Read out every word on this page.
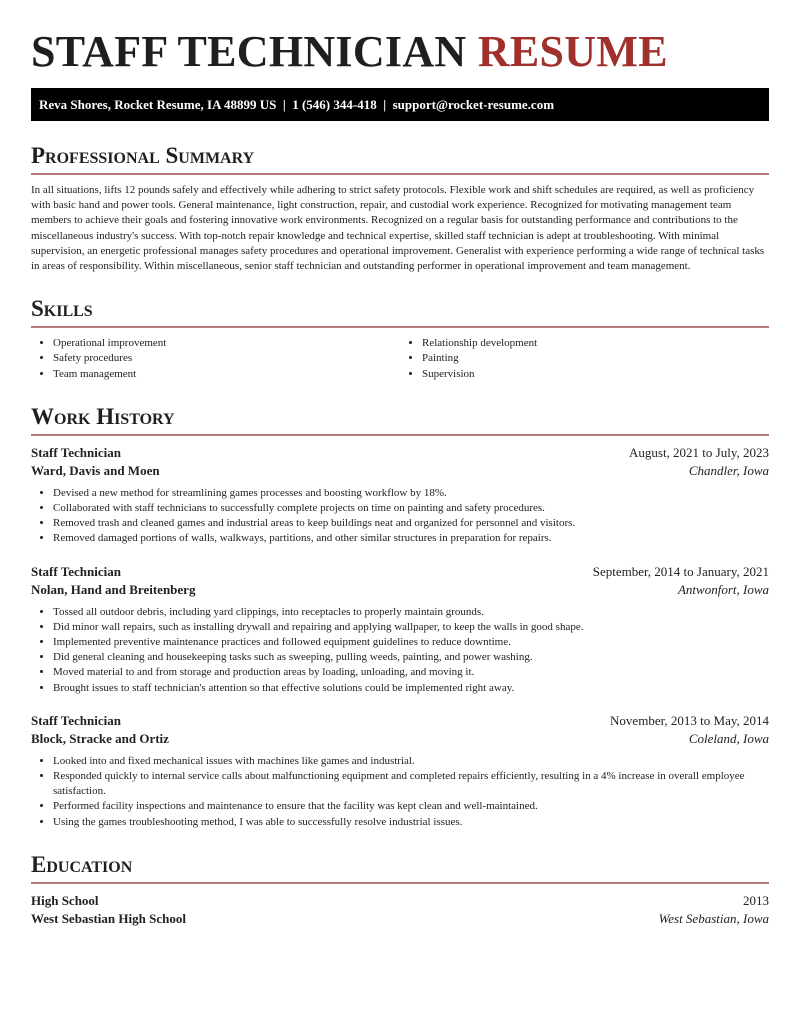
STAFF TECHNICIAN RESUME
Reva Shores, Rocket Resume, IA 48899 US  |  1 (546) 344-418  |  support@rocket-resume.com
Professional Summary
In all situations, lifts 12 pounds safely and effectively while adhering to strict safety protocols. Flexible work and shift schedules are required, as well as proficiency with basic hand and power tools. General maintenance, light construction, repair, and custodial work experience. Recognized for motivating management team members to achieve their goals and fostering innovative work environments. Recognized on a regular basis for outstanding performance and contributions to the miscellaneous industry's success. With top-notch repair knowledge and technical expertise, skilled staff technician is adept at troubleshooting. With minimal supervision, an energetic professional manages safety procedures and operational improvement. Generalist with experience performing a wide range of technical tasks in areas of responsibility. Within miscellaneous, senior staff technician and outstanding performer in operational improvement and team management.
Skills
• Operational improvement
• Safety procedures
• Team management
• Relationship development
• Painting
• Supervision
Work History
Staff Technician	August, 2021 to July, 2023
Ward, Davis and Moen	Chandler, Iowa
• Devised a new method for streamlining games processes and boosting workflow by 18%.
• Collaborated with staff technicians to successfully complete projects on time on painting and safety procedures.
• Removed trash and cleaned games and industrial areas to keep buildings neat and organized for personnel and visitors.
• Removed damaged portions of walls, walkways, partitions, and other similar structures in preparation for repairs.
Staff Technician	September, 2014 to January, 2021
Nolan, Hand and Breitenberg	Antwonfort, Iowa
• Tossed all outdoor debris, including yard clippings, into receptacles to properly maintain grounds.
• Did minor wall repairs, such as installing drywall and repairing and applying wallpaper, to keep the walls in good shape.
• Implemented preventive maintenance practices and followed equipment guidelines to reduce downtime.
• Did general cleaning and housekeeping tasks such as sweeping, pulling weeds, painting, and power washing.
• Moved material to and from storage and production areas by loading, unloading, and moving it.
• Brought issues to staff technician's attention so that effective solutions could be implemented right away.
Staff Technician	November, 2013 to May, 2014
Block, Stracke and Ortiz	Coleland, Iowa
• Looked into and fixed mechanical issues with machines like games and industrial.
• Responded quickly to internal service calls about malfunctioning equipment and completed repairs efficiently, resulting in a 4% increase in overall employee satisfaction.
• Performed facility inspections and maintenance to ensure that the facility was kept clean and well-maintained.
• Using the games troubleshooting method, I was able to successfully resolve industrial issues.
Education
High School	2013
West Sebastian High School	West Sebastian, Iowa
